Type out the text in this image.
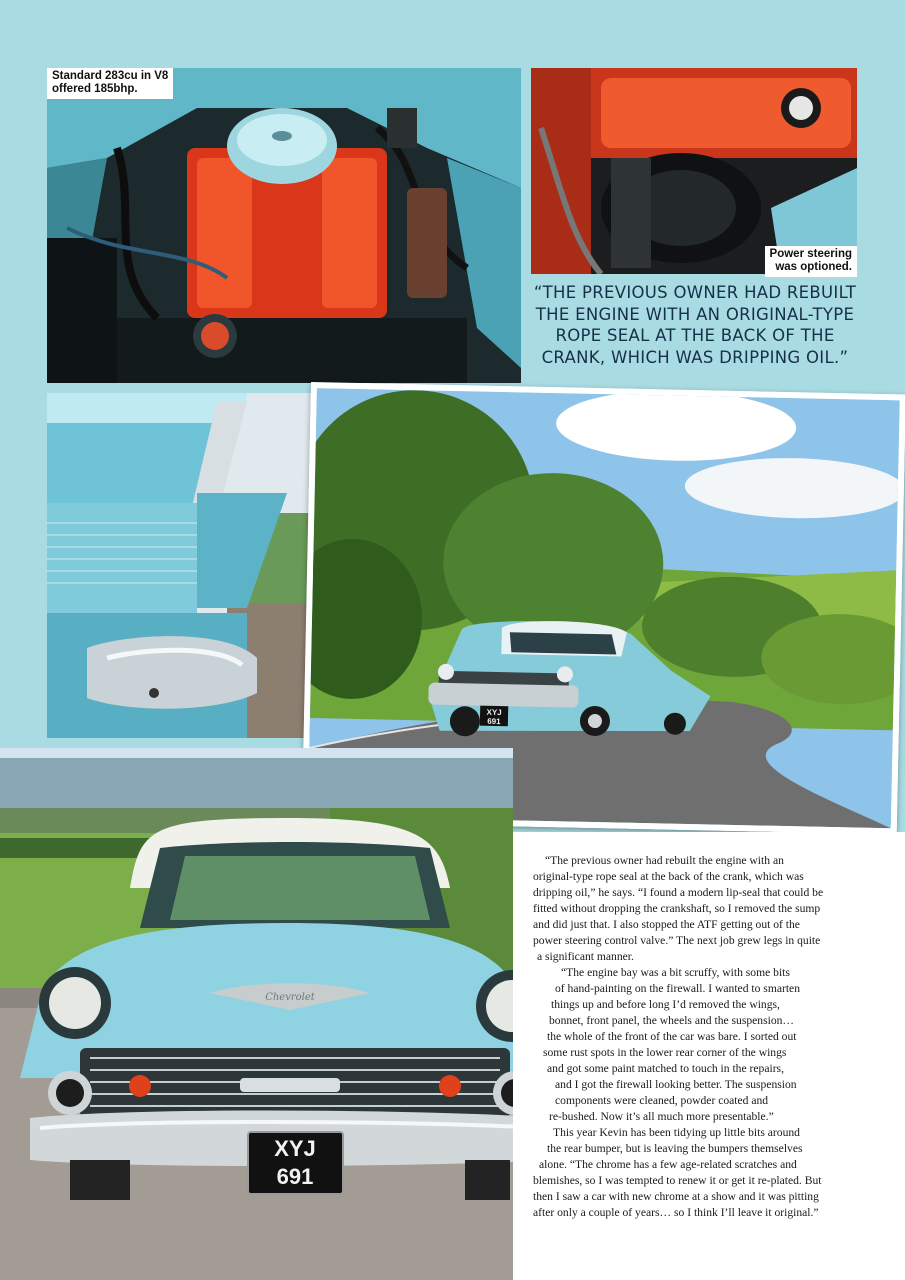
Standard 283cu in V8
offered 185bhp.
Power steering
was optioned.
“THE PREVIOUS OWNER HAD REBUILT THE ENGINE WITH AN ORIGINAL-TYPE ROPE SEAL AT THE BACK OF THE CRANK, WHICH WAS DRIPPING OIL.”
XYJ
691
Chevrolet
XYJ
691
“The previous owner had rebuilt the engine with an
original-type rope seal at the back of the crank, which was
dripping oil,” he says. “I found a modern lip-seal that could be
fitted without dropping the crankshaft, so I removed the sump
and did just that. I also stopped the ATF getting out of the
power steering control valve.” The next job grew legs in quite
a significant manner.
“The engine bay was a bit scruffy, with some bits
of hand-painting on the firewall. I wanted to smarten
things up and before long I’d removed the wings,
bonnet, front panel, the wheels and the suspension…
the whole of the front of the car was bare. I sorted out
some rust spots in the lower rear corner of the wings
and got some paint matched to touch in the repairs,
and I got the firewall looking better. The suspension
components were cleaned, powder coated and
re-bushed. Now it’s all much more presentable.”
This year Kevin has been tidying up little bits around
the rear bumper, but is leaving the bumpers themselves
alone. “The chrome has a few age-related scratches and
blemishes, so I was tempted to renew it or get it re-plated. But
then I saw a car with new chrome at a show and it was pitting
after only a couple of years… so I think I’ll leave it original.”
